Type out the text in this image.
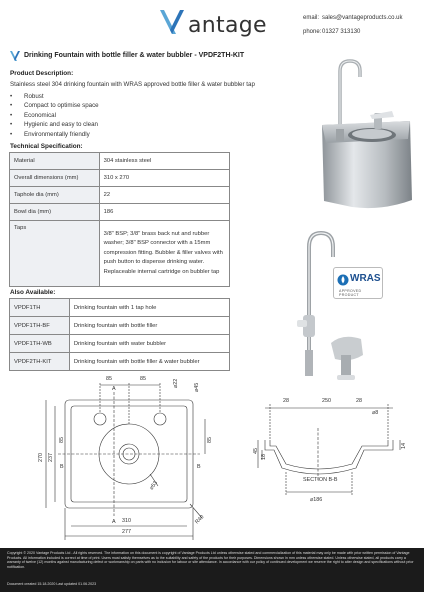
antage	email: sales@vantageproducts.co.uk
phone:01327 313130
Drinking Fountain with bottle filler & water bubbler - VPDF2TH-KIT
Product Description:
Stainless steel 304 drinking fountain with WRAS approved bottle filler & water bubbler tap
• Robust
• Compact to optimise space
• Economical
• Hygienic and easy to clean
• Environmentally friendly
Technical Specification:
Material	304 stainless steel
Overall dimensions (mm)	310 x 270
Taphole dia (mm)	22
Bowl dia (mm)	186
Taps	3/8" BSP; 3/8" brass back nut and rubber washer; 3/8" BSP connector with a 15mm compression fitting. Bubbler & filler valves with push button to dispense drinking water. Replaceable internal cartridge on bubbler tap
Also Available:
VPDF1TH	Drinking fountain with 1 tap hole
VPDF1TH-BF	Drinking fountain with bottle filler
VPDF1TH-WB	Drinking fountain with water bubbler
VPDF2TH-KIT	Drinking fountain with bottle filler & water bubbler
WRAS
APPROVED PRODUCT
85	85	⌀22	⌀45
A
A
B	B
270 237
85	85
⌀53
310
277
R40
28	250	28
⌀8
45
18
14
SECTION B-B
⌀186
Copyright © 2020 Vantage Products Ltd - All rights reserved. The information on this document is copyright of Vantage Products Ltd unless otherwise stated and commercialization of this material may only be made with prior written permission of Vantage Products. All information included is correct at time of print. Users must satisfy themselves as to the suitability and safety of the products for their purposes. Dimensions shown in mm unless otherwise stated. Unless otherwise stated, all products carry a warranty of twelve (12) months against manufacturing defect or workmanship on parts with no inclusion for labour or site attendance. In accordance with our policy of continued development we reserve the right to alter design and specifications without prior notification.
Document created 15.18.2020 Last updated 01.06.2023
